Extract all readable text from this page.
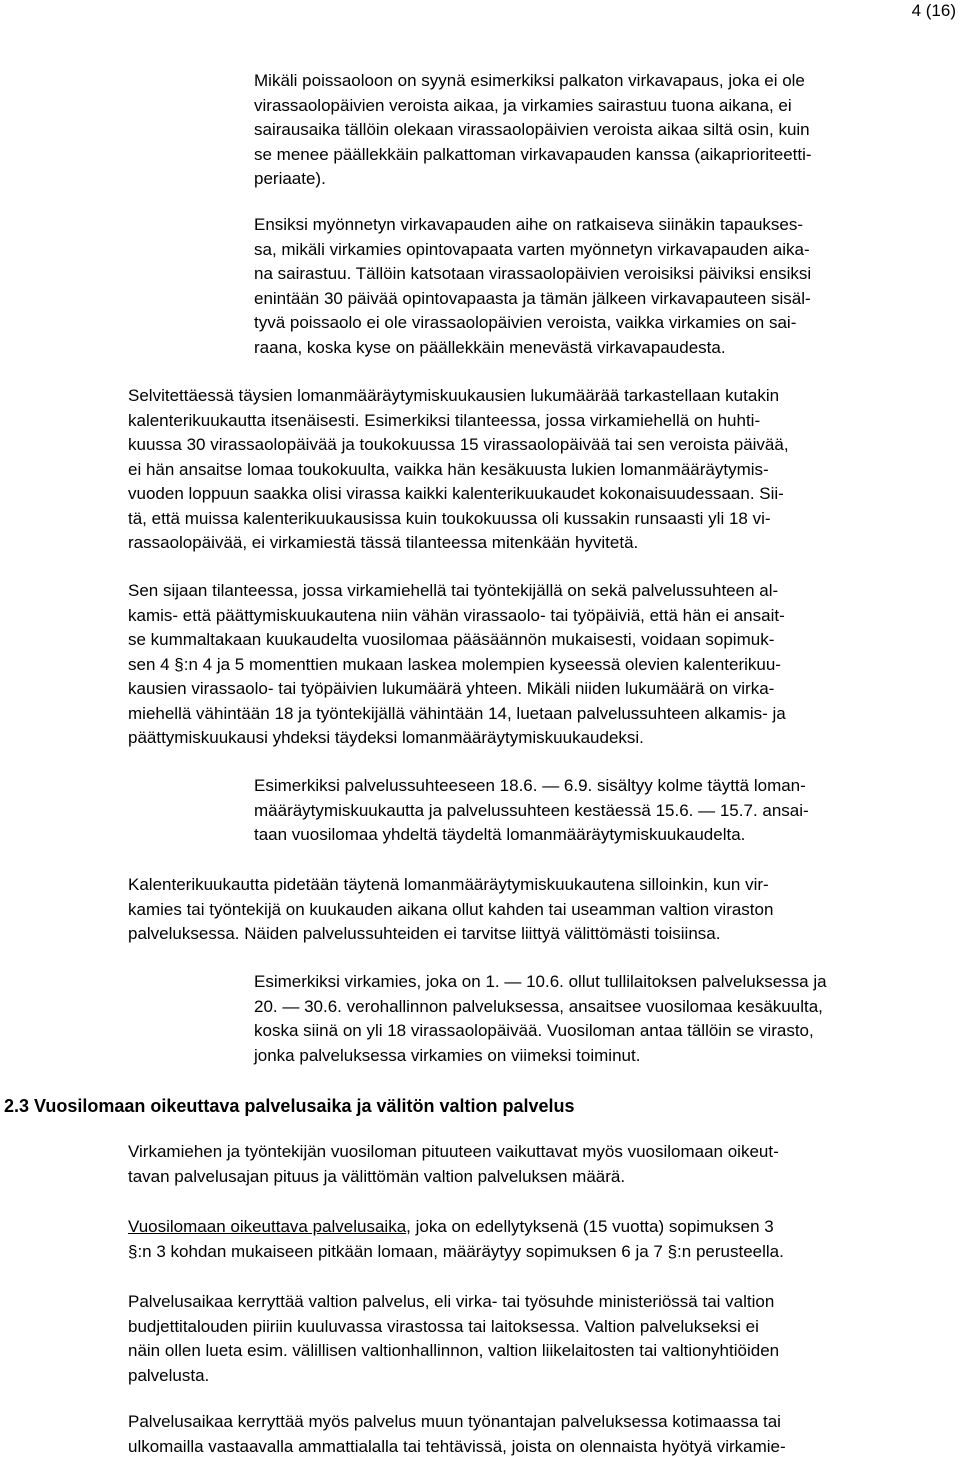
4 (16)
Mikäli poissaoloon on syynä esimerkiksi palkaton virkavapaus, joka ei ole
virassaolopäivien veroista aikaa, ja virkamies sairastuu tuona aikana, ei
sairausaika tällöin olekaan virassaolopäivien veroista aikaa siltä osin, kuin
se menee päällekkäin palkattoman virkavapauden kanssa (aikaprioriteetti-
periaate).
Ensiksi myönnetyn virkavapauden aihe on ratkaiseva siinäkin tapaukses-
sa, mikäli virkamies opintovapaata varten myönnetyn virkavapauden aika-
na sairastuu. Tällöin katsotaan virassaolopäivien veroisiksi päiviksi ensiksi
enintään 30 päivää opintovapaasta ja tämän jälkeen virkavapauteen sisäl-
tyvä poissaolo ei ole virassaolopäivien veroista, vaikka virkamies on sai-
raana, koska kyse on päällekkäin menevästä virkavapaudesta.
Selvitettäessä täysien lomanmääräytymiskuukausien lukumäärää tarkastellaan kutakin
kalenterikuukautta itsenäisesti. Esimerkiksi tilanteessa, jossa virkamiehellä on huhti-
kuussa 30 virassaolopäivää ja toukokuussa 15 virassaolopäivää tai sen veroista päivää,
ei hän ansaitse lomaa toukokuulta, vaikka hän kesäkuusta lukien lomanmääräytymis-
vuoden loppuun saakka olisi virassa kaikki kalenterikuukaudet kokonaisuudessaan. Sii-
tä, että muissa kalenterikuukausissa kuin toukokuussa oli kussakin runsaasti yli 18 vi-
rassaolopäivää, ei virkamiestä tässä tilanteessa mitenkään hyvitetä.
Sen sijaan tilanteessa, jossa virkamiehellä tai työntekijällä on sekä palvelussuhteen al-
kamis- että päättymiskuukautena niin vähän virassaolo- tai työpäiviä, että hän ei ansait-
se kummaltakaan kuukaudelta vuosilomaa pääsäännön mukaisesti, voidaan sopimuk-
sen 4 §:n 4 ja 5 momenttien mukaan laskea molempien kyseessä olevien kalenterikuu-
kausien virassaolo- tai työpäivien lukumäärä yhteen. Mikäli niiden lukumäärä on virka-
miehellä vähintään 18 ja työntekijällä vähintään 14, luetaan palvelussuhteen alkamis- ja
päättymiskuukausi yhdeksi täydeksi lomanmääräytymiskuukaudeksi.
Esimerkiksi palvelussuhteeseen 18.6. — 6.9. sisältyy kolme täyttä loman-
määräytymiskuukautta ja palvelussuhteen kestäessä 15.6. — 15.7. ansai-
taan vuosilomaa yhdeltä täydeltä lomanmääräytymiskuukaudelta.
Kalenterikuukautta pidetään täytenä lomanmääräytymiskuukautena silloinkin, kun vir-
kamies tai työntekijä on kuukauden aikana ollut kahden tai useamman valtion viraston
palveluksessa. Näiden palvelussuhteiden ei tarvitse liittyä välittömästi toisiinsa.
Esimerkiksi virkamies, joka on 1. — 10.6. ollut tullilaitoksen palveluksessa ja
20. — 30.6. verohallinnon palveluksessa, ansaitsee vuosilomaa kesäkuulta,
koska siinä on yli 18 virassaolopäivää. Vuosiloman antaa tällöin se virasto,
jonka palveluksessa virkamies on viimeksi toiminut.
2.3 Vuosilomaan oikeuttava palvelusaika ja välitön valtion palvelus
Virkamiehen ja työntekijän vuosiloman pituuteen vaikuttavat myös vuosilomaan oikeut-
tavan palvelusajan pituus ja välittömän valtion palveluksen määrä.
Vuosilomaan oikeuttava palvelusaika, joka on edellytyksenä (15 vuotta) sopimuksen 3
§:n 3 kohdan mukaiseen pitkään lomaan, määräytyy sopimuksen 6 ja 7 §:n perusteella.
Palvelusaikaa kerryttää valtion palvelus, eli virka- tai työsuhde ministeriössä tai valtion
budjettitalouden piiriin kuuluvassa virastossa tai laitoksessa. Valtion palvelukseksi ei
näin ollen lueta esim. välillisen valtionhallinnon, valtion liikelaitosten tai valtionyhtiöiden
palvelusta.
Palvelusaikaa kerryttää myös palvelus muun työnantajan palveluksessa kotimaassa tai
ulkomailla vastaavalla ammattialalla tai tehtävissä, joista on olennaista hyötyä virkamie-
